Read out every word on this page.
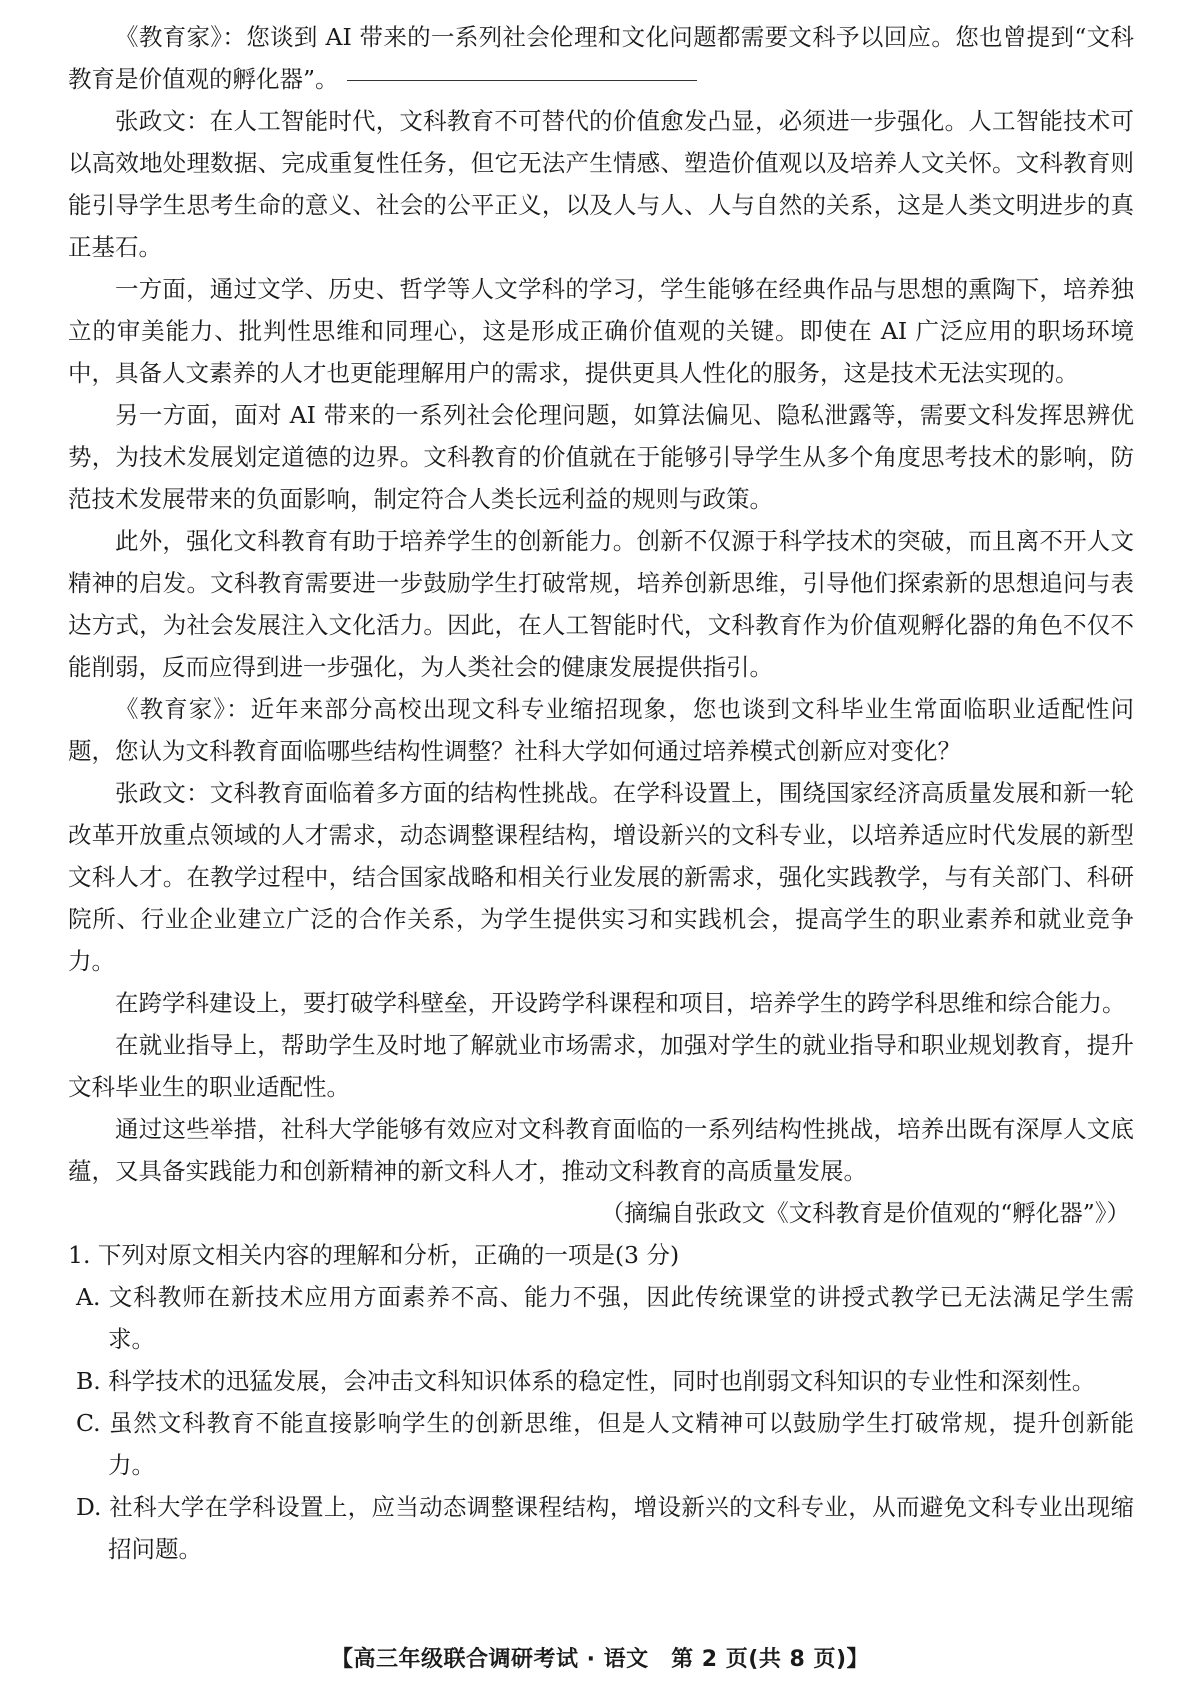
《教育家》：您谈到 AI 带来的一系列社会伦理和文化问题都需要文科予以回应。您也曾提到“文科教育是价值观的孵化器”。

张政文：在人工智能时代，文科教育不可替代的价值愈发凸显，必须进一步强化。人工智能技术可以高效地处理数据、完成重复性任务，但它无法产生情感、塑造价值观以及培养人文关怀。文科教育则能引导学生思考生命的意义、社会的公平正义，以及人与人、人与自然的关系，这是人类文明进步的真正基石。

一方面，通过文学、历史、哲学等人文学科的学习，学生能够在经典作品与思想的熏陶下，培养独立的审美能力、批判性思维和同理心，这是形成正确价值观的关键。即使在 AI 广泛应用的职场环境中，具备人文素养的人才也更能理解用户的需求，提供更具人性化的服务，这是技术无法实现的。

另一方面，面对 AI 带来的一系列社会伦理问题，如算法偏见、隐私泄露等，需要文科发挥思辨优势，为技术发展划定道德的边界。文科教育的价值就在于能够引导学生从多个角度思考技术的影响，防范技术发展带来的负面影响，制定符合人类长远利益的规则与政策。

此外，强化文科教育有助于培养学生的创新能力。创新不仅源于科学技术的突破，而且离不开人文精神的启发。文科教育需要进一步鼓励学生打破常规，培养创新思维，引导他们探索新的思想追问与表达方式，为社会发展注入文化活力。因此，在人工智能时代，文科教育作为价值观孵化器的角色不仅不能削弱，反而应得到进一步强化，为人类社会的健康发展提供指引。

《教育家》：近年来部分高校出现文科专业缩招现象，您也谈到文科毕业生常面临职业适配性问题，您认为文科教育面临哪些结构性调整？社科大学如何通过培养模式创新应对变化？

张政文：文科教育面临着多方面的结构性挑战。在学科设置上，围绕国家经济高质量发展和新一轮改革开放重点领域的人才需求，动态调整课程结构，增设新兴的文科专业，以培养适应时代发展的新型文科人才。在教学过程中，结合国家战略和相关行业发展的新需求，强化实践教学，与有关部门、科研院所、行业企业建立广泛的合作关系，为学生提供实习和实践机会，提高学生的职业素养和就业竞争力。

在跨学科建设上，要打破学科壁垒，开设跨学科课程和项目，培养学生的跨学科思维和综合能力。

在就业指导上，帮助学生及时地了解就业市场需求，加强对学生的就业指导和职业规划教育，提升文科毕业生的职业适配性。

通过这些举措，社科大学能够有效应对文科教育面临的一系列结构性挑战，培养出既有深厚人文底蕴，又具备实践能力和创新精神的新文科人才，推动文科教育的高质量发展。

（摘编自张政文《文科教育是价值观的“孵化器”》）

1. 下列对原文相关内容的理解和分析，正确的一项是(3 分)

A. 文科教师在新技术应用方面素养不高、能力不强，因此传统课堂的讲授式教学已无法满足学生需求。

B. 科学技术的迅猛发展，会冲击文科知识体系的稳定性，同时也削弱文科知识的专业性和深刻性。

C. 虽然文科教育不能直接影响学生的创新思维，但是人文精神可以鼓励学生打破常规，提升创新能力。

D. 社科大学在学科设置上，应当动态调整课程结构，增设新兴的文科专业，从而避免文科专业出现缩招问题。

【高三年级联合调研考试 · 语文　第 2 页(共 8 页)】
